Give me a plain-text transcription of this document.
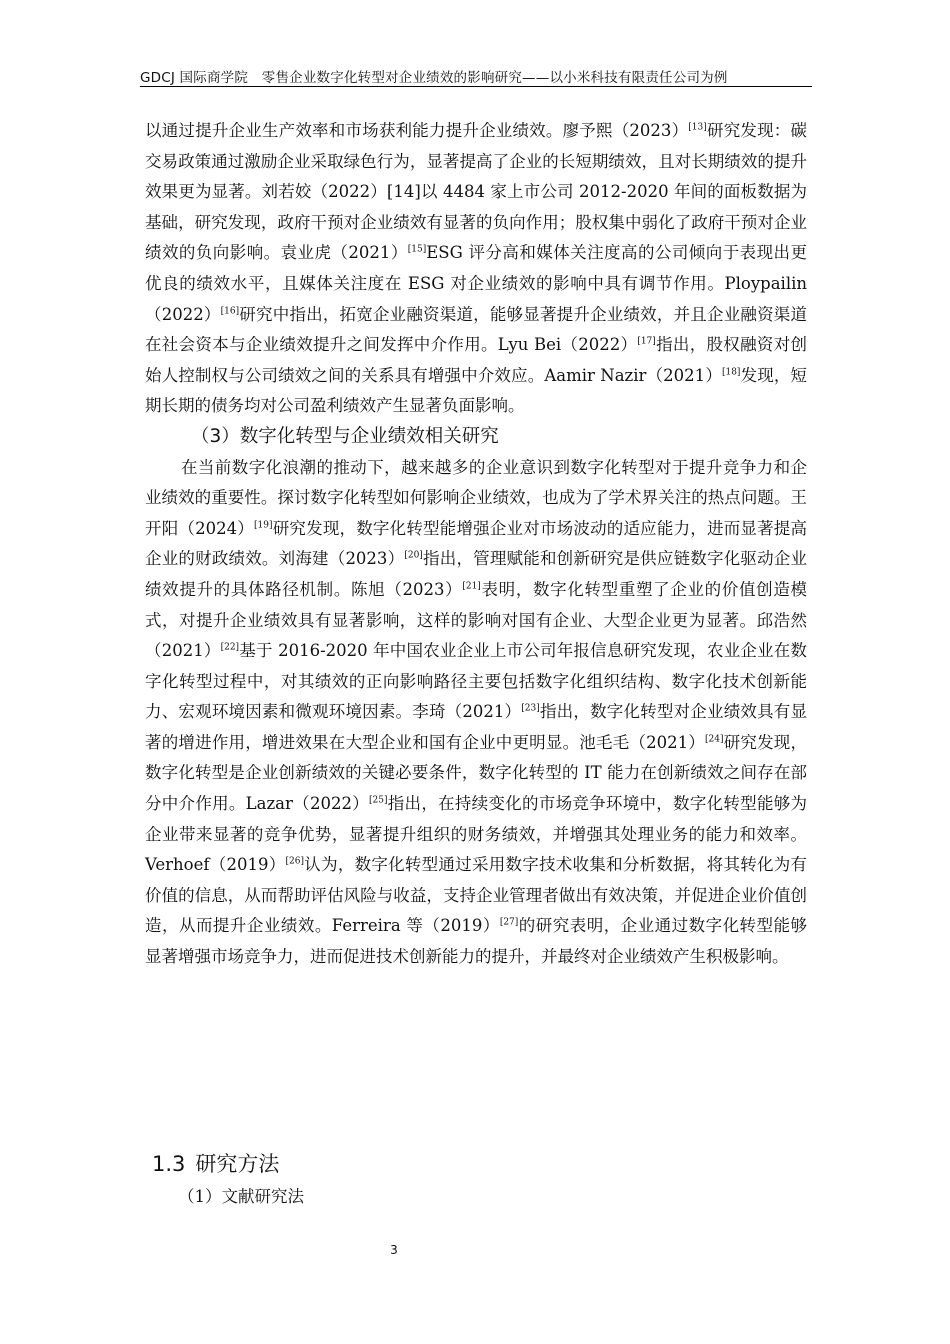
GDCJ 国际商学院　零售企业数字化转型对企业绩效的影响研究——以小米科技有限责任公司为例

以通过提升企业生产效率和市场获利能力提升企业绩效。廖予熙（2023）[13]研究发现：碳交易政策通过激励企业采取绿色行为，显著提高了企业的长短期绩效，且对长期绩效的提升效果更为显著。刘若姣（2022）[14]以 4484 家上市公司 2012-2020 年间的面板数据为基础，研究发现，政府干预对企业绩效有显著的负向作用；股权集中弱化了政府干预对企业绩效的负向影响。袁业虎（2021）[15]ESG 评分高和媒体关注度高的公司倾向于表现出更优良的绩效水平，且媒体关注度在 ESG 对企业绩效的影响中具有调节作用。Ploypailin（2022）[16]研究中指出，拓宽企业融资渠道，能够显著提升企业绩效，并且企业融资渠道在社会资本与企业绩效提升之间发挥中介作用。Lyu Bei（2022）[17]指出，股权融资对创始人控制权与公司绩效之间的关系具有增强中介效应。Aamir Nazir（2021）[18]发现，短期长期的债务均对公司盈利绩效产生显著负面影响。

（3）数字化转型与企业绩效相关研究

在当前数字化浪潮的推动下，越来越多的企业意识到数字化转型对于提升竞争力和企业绩效的重要性。探讨数字化转型如何影响企业绩效，也成为了学术界关注的热点问题。王开阳（2024）[19]研究发现，数字化转型能增强企业对市场波动的适应能力，进而显著提高企业的财政绩效。刘海建（2023）[20]指出，管理赋能和创新研究是供应链数字化驱动企业绩效提升的具体路径机制。陈旭（2023）[21]表明，数字化转型重塑了企业的价值创造模式，对提升企业绩效具有显著影响，这样的影响对国有企业、大型企业更为显著。邱浩然（2021）[22]基于 2016-2020 年中国农业企业上市公司年报信息研究发现，农业企业在数字化转型过程中，对其绩效的正向影响路径主要包括数字化组织结构、数字化技术创新能力、宏观环境因素和微观环境因素。李琦（2021）[23]指出，数字化转型对企业绩效具有显著的增进作用，增进效果在大型企业和国有企业中更明显。池毛毛（2021）[24]研究发现，数字化转型是企业创新绩效的关键必要条件，数字化转型的 IT 能力在创新绩效之间存在部分中介作用。Lazar（2022）[25]指出，在持续变化的市场竞争环境中，数字化转型能够为企业带来显著的竞争优势，显著提升组织的财务绩效，并增强其处理业务的能力和效率。Verhoef（2019）[26]认为，数字化转型通过采用数字技术收集和分析数据，将其转化为有价值的信息，从而帮助评估风险与收益，支持企业管理者做出有效决策，并促进企业价值创造，从而提升企业绩效。Ferreira 等（2019）[27]的研究表明，企业通过数字化转型能够显著增强市场竞争力，进而促进技术创新能力的提升，并最终对企业绩效产生积极影响。

1.3 研究方法
（1）文献研究法
3
